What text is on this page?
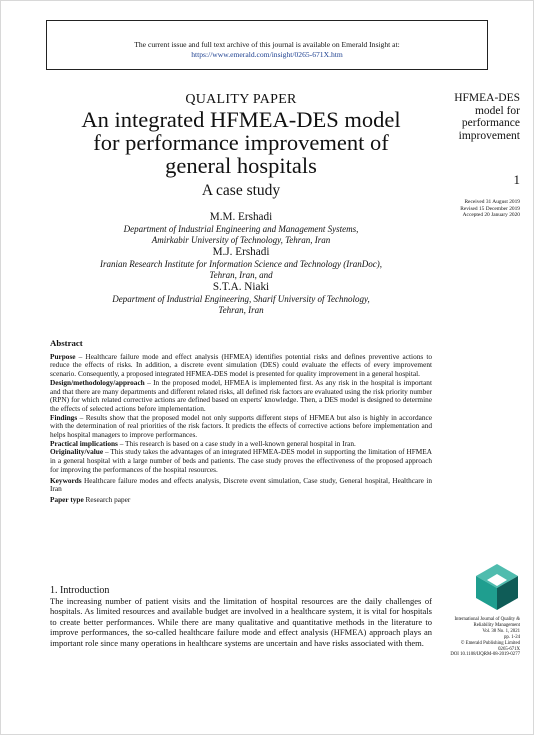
The current issue and full text archive of this journal is available on Emerald Insight at:
https://www.emerald.com/insight/0265-671X.htm
QUALITY PAPER
An integrated HFMEA-DES model
for performance improvement of
general hospitals
A case study
M.M. Ershadi
Department of Industrial Engineering and Management Systems,
Amirkabir University of Technology, Tehran, Iran
M.J. Ershadi
Iranian Research Institute for Information Science and Technology (IranDoc),
Tehran, Iran, and
S.T.A. Niaki
Department of Industrial Engineering, Sharif University of Technology,
Tehran, Iran
HFMEA-DES
model for
performance
improvement
1
Received 31 August 2019
Revised 15 December 2019
Accepted 20 January 2020
Abstract

Purpose – Healthcare failure mode and effect analysis (HFMEA) identifies potential risks and defines preventive actions to reduce the effects of risks. In addition, a discrete event simulation (DES) could evaluate the effects of every improvement scenario. Consequently, a proposed integrated HFMEA-DES model is presented for quality improvement in a general hospital.

Design/methodology/approach – In the proposed model, HFMEA is implemented first. As any risk in the hospital is important and that there are many departments and different related risks, all defined risk factors are evaluated using the risk priority number (RPN) for which related corrective actions are defined based on experts' knowledge. Then, a DES model is designed to determine the effects of selected actions before implementation.

Findings – Results show that the proposed model not only supports different steps of HFMEA but also is highly in accordance with the determination of real priorities of the risk factors. It predicts the effects of corrective actions before implementation and helps hospital managers to improve performances.

Practical implications – This research is based on a case study in a well-known general hospital in Iran.

Originality/value – This study takes the advantages of an integrated HFMEA-DES model in supporting the limitation of HFMEA in a general hospital with a large number of beds and patients. The case study proves the effectiveness of the proposed approach for improving the performances of the hospital resources.

Keywords Healthcare failure modes and effects analysis, Discrete event simulation, Case study, General hospital, Healthcare in Iran

Paper type Research paper

1. Introduction

The increasing number of patient visits and the limitation of hospital resources are the daily challenges of hospitals. As limited resources and available budget are involved in a healthcare system, it is vital for hospitals to create better performances. While there are many qualitative and quantitative methods in the literature to improve performances, the so-called healthcare failure mode and effect analysis (HFMEA) approach plays an important role since many operations in healthcare systems are uncertain and have risks associated with them.

International Journal of Quality &
Reliability Management
Vol. 38 No. 1, 2021
pp. 1-24
© Emerald Publishing Limited
0265-671X
DOI 10.1108/IJQRM-08-2019-0277
